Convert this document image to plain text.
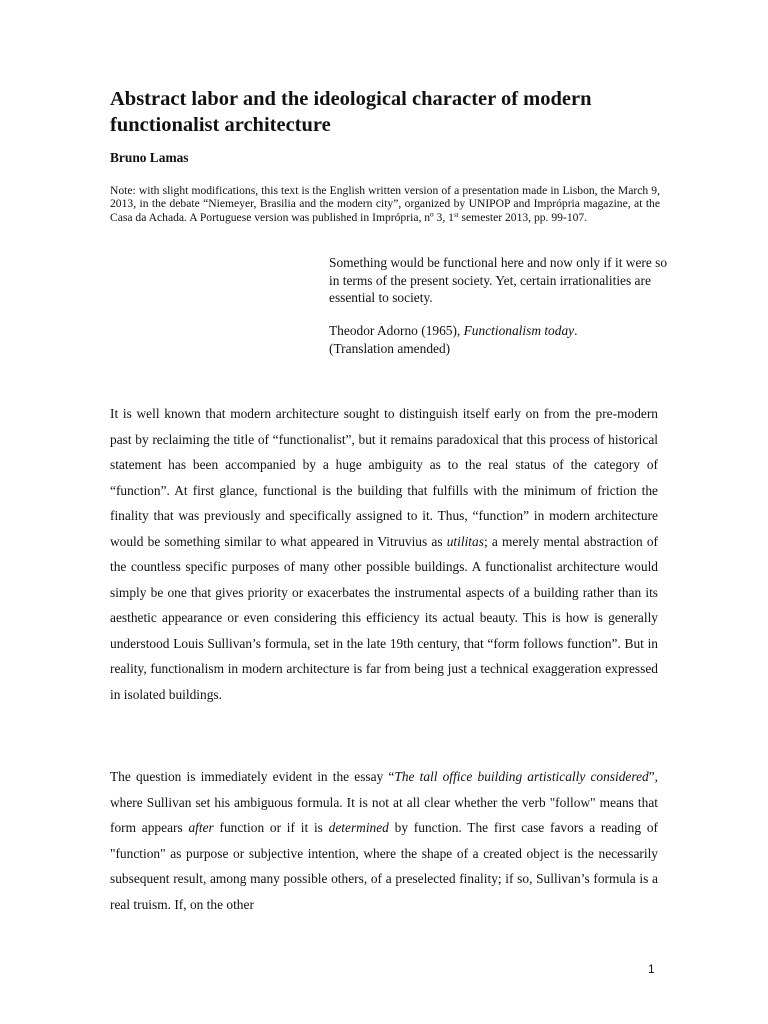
Abstract labor and the ideological character of modern functionalist architecture

Bruno Lamas

Note: with slight modifications, this text is the English written version of a presentation made in Lisbon, the March 9, 2013, in the debate “Niemeyer, Brasilia and the modern city”, organized by UNIPOP and Imprópria magazine, at the Casa da Achada. A Portuguese version was published in Imprópria, nº 3, 1st semester 2013, pp. 99-107.

Something would be functional here and now only if it were so in terms of the present society. Yet, certain irrationalities are essential to society.

Theodor Adorno (1965), Functionalism today.
(Translation amended)

It is well known that modern architecture sought to distinguish itself early on from the pre-modern past by reclaiming the title of “functionalist”, but it remains paradoxical that this process of historical statement has been accompanied by a huge ambiguity as to the real status of the category of “function”. At first glance, functional is the building that fulfills with the minimum of friction the finality that was previously and specifically assigned to it. Thus, “function” in modern architecture would be something similar to what appeared in Vitruvius as utilitas; a merely mental abstraction of the countless specific purposes of many other possible buildings. A functionalist architecture would simply be one that gives priority or exacerbates the instrumental aspects of a building rather than its aesthetic appearance or even considering this efficiency its actual beauty. This is how is generally understood Louis Sullivan’s formula, set in the late 19th century, that “form follows function”. But in reality, functionalism in modern architecture is far from being just a technical exaggeration expressed in isolated buildings.

The question is immediately evident in the essay “The tall office building artistically considered”, where Sullivan set his ambiguous formula. It is not at all clear whether the verb "follow" means that form appears after function or if it is determined by function. The first case favors a reading of "function" as purpose or subjective intention, where the shape of a created object is the necessarily subsequent result, among many possible others, of a preselected finality; if so, Sullivan’s formula is a real truism. If, on the other

1
